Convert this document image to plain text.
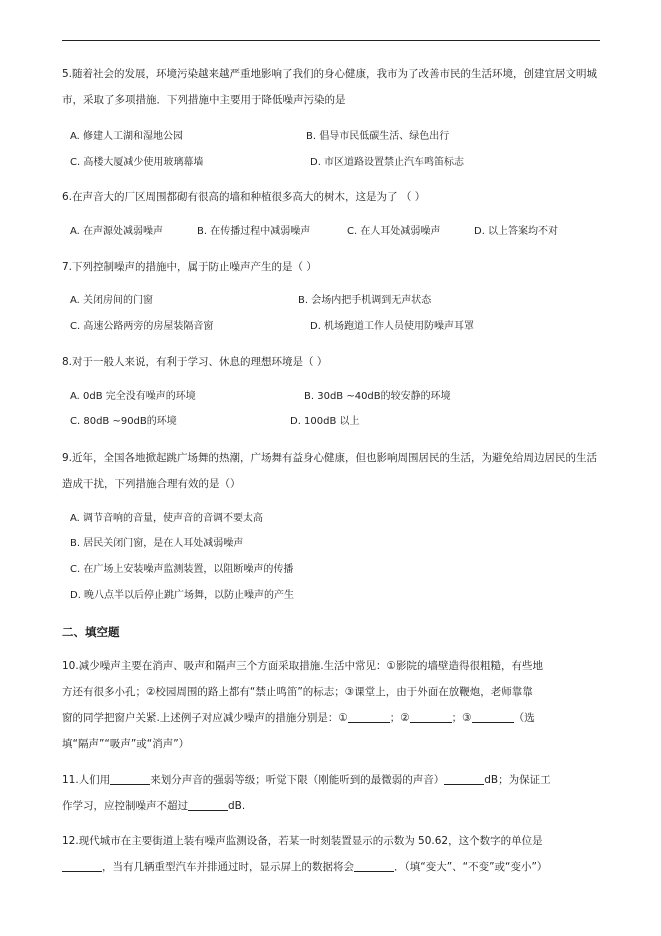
5.随着社会的发展，环境污染越来越严重地影响了我们的身心健康，我市为了改善市民的生活环境，创建宜居文明城市，采取了多项措施．下列措施中主要用于降低噪声污染的是
A. 修建人工湖和湿地公园	B. 倡导市民低碳生活、绿色出行
C. 高楼大厦减少使用玻璃幕墙	D. 市区道路设置禁止汽车鸣笛标志
6.在声音大的厂区周围都砌有很高的墙和种植很多高大的树木，这是为了 （ ）
A. 在声源处减弱噪声	B. 在传播过程中减弱噪声	C. 在人耳处减弱噪声	D. 以上答案均不对
7.下列控制噪声的措施中，属于防止噪声产生的是（ ）
A. 关闭房间的门窗	B. 会场内把手机调到无声状态
C. 高速公路两旁的房屋装隔音窗	D. 机场跑道工作人员使用防噪声耳罩
8.对于一般人来说，有利于学习、休息的理想环境是（ ）
A. 0dB 完全没有噪声的环境	B. 30dB ~40dB的较安静的环境
C. 80dB ~90dB的环境	D. 100dB 以上
9.近年，全国各地掀起跳广场舞的热潮，广场舞有益身心健康，但也影响周围居民的生活，为避免给周边居民的生活造成干扰，下列措施合理有效的是（）
A. 调节音响的音量，使声音的音调不要太高
B. 居民关闭门窗，是在人耳处减弱噪声
C. 在广场上安装噪声监测装置，以阻断噪声的传播
D. 晚八点半以后停止跳广场舞，以防止噪声的产生
二、填空题
10.减少噪声主要在消声、吸声和隔声三个方面采取措施.生活中常见：①影院的墙壁造得很粗糙，有些地
方还有很多小孔；②校园周围的路上都有“禁止鸣笛”的标志；③课堂上，由于外面在放鞭炮，老师靠靠
窗的同学把窗户关紧.上述例子对应减少噪声的措施分别是：①	；②	；③	（选
填“隔声”“吸声”或“消声”）
11.人们用	来划分声音的强弱等级；听觉下限（刚能听到的最微弱的声音）	dB；为保证工
作学习，应控制噪声不超过	dB.
12.现代城市在主要街道上装有噪声监测设备，若某一时刻装置显示的示数为 50.62，这个数字的单位是
，当有几辆重型汽车并排通过时，显示屏上的数据将会	．（填“变大”、“不变”或“变小”）
